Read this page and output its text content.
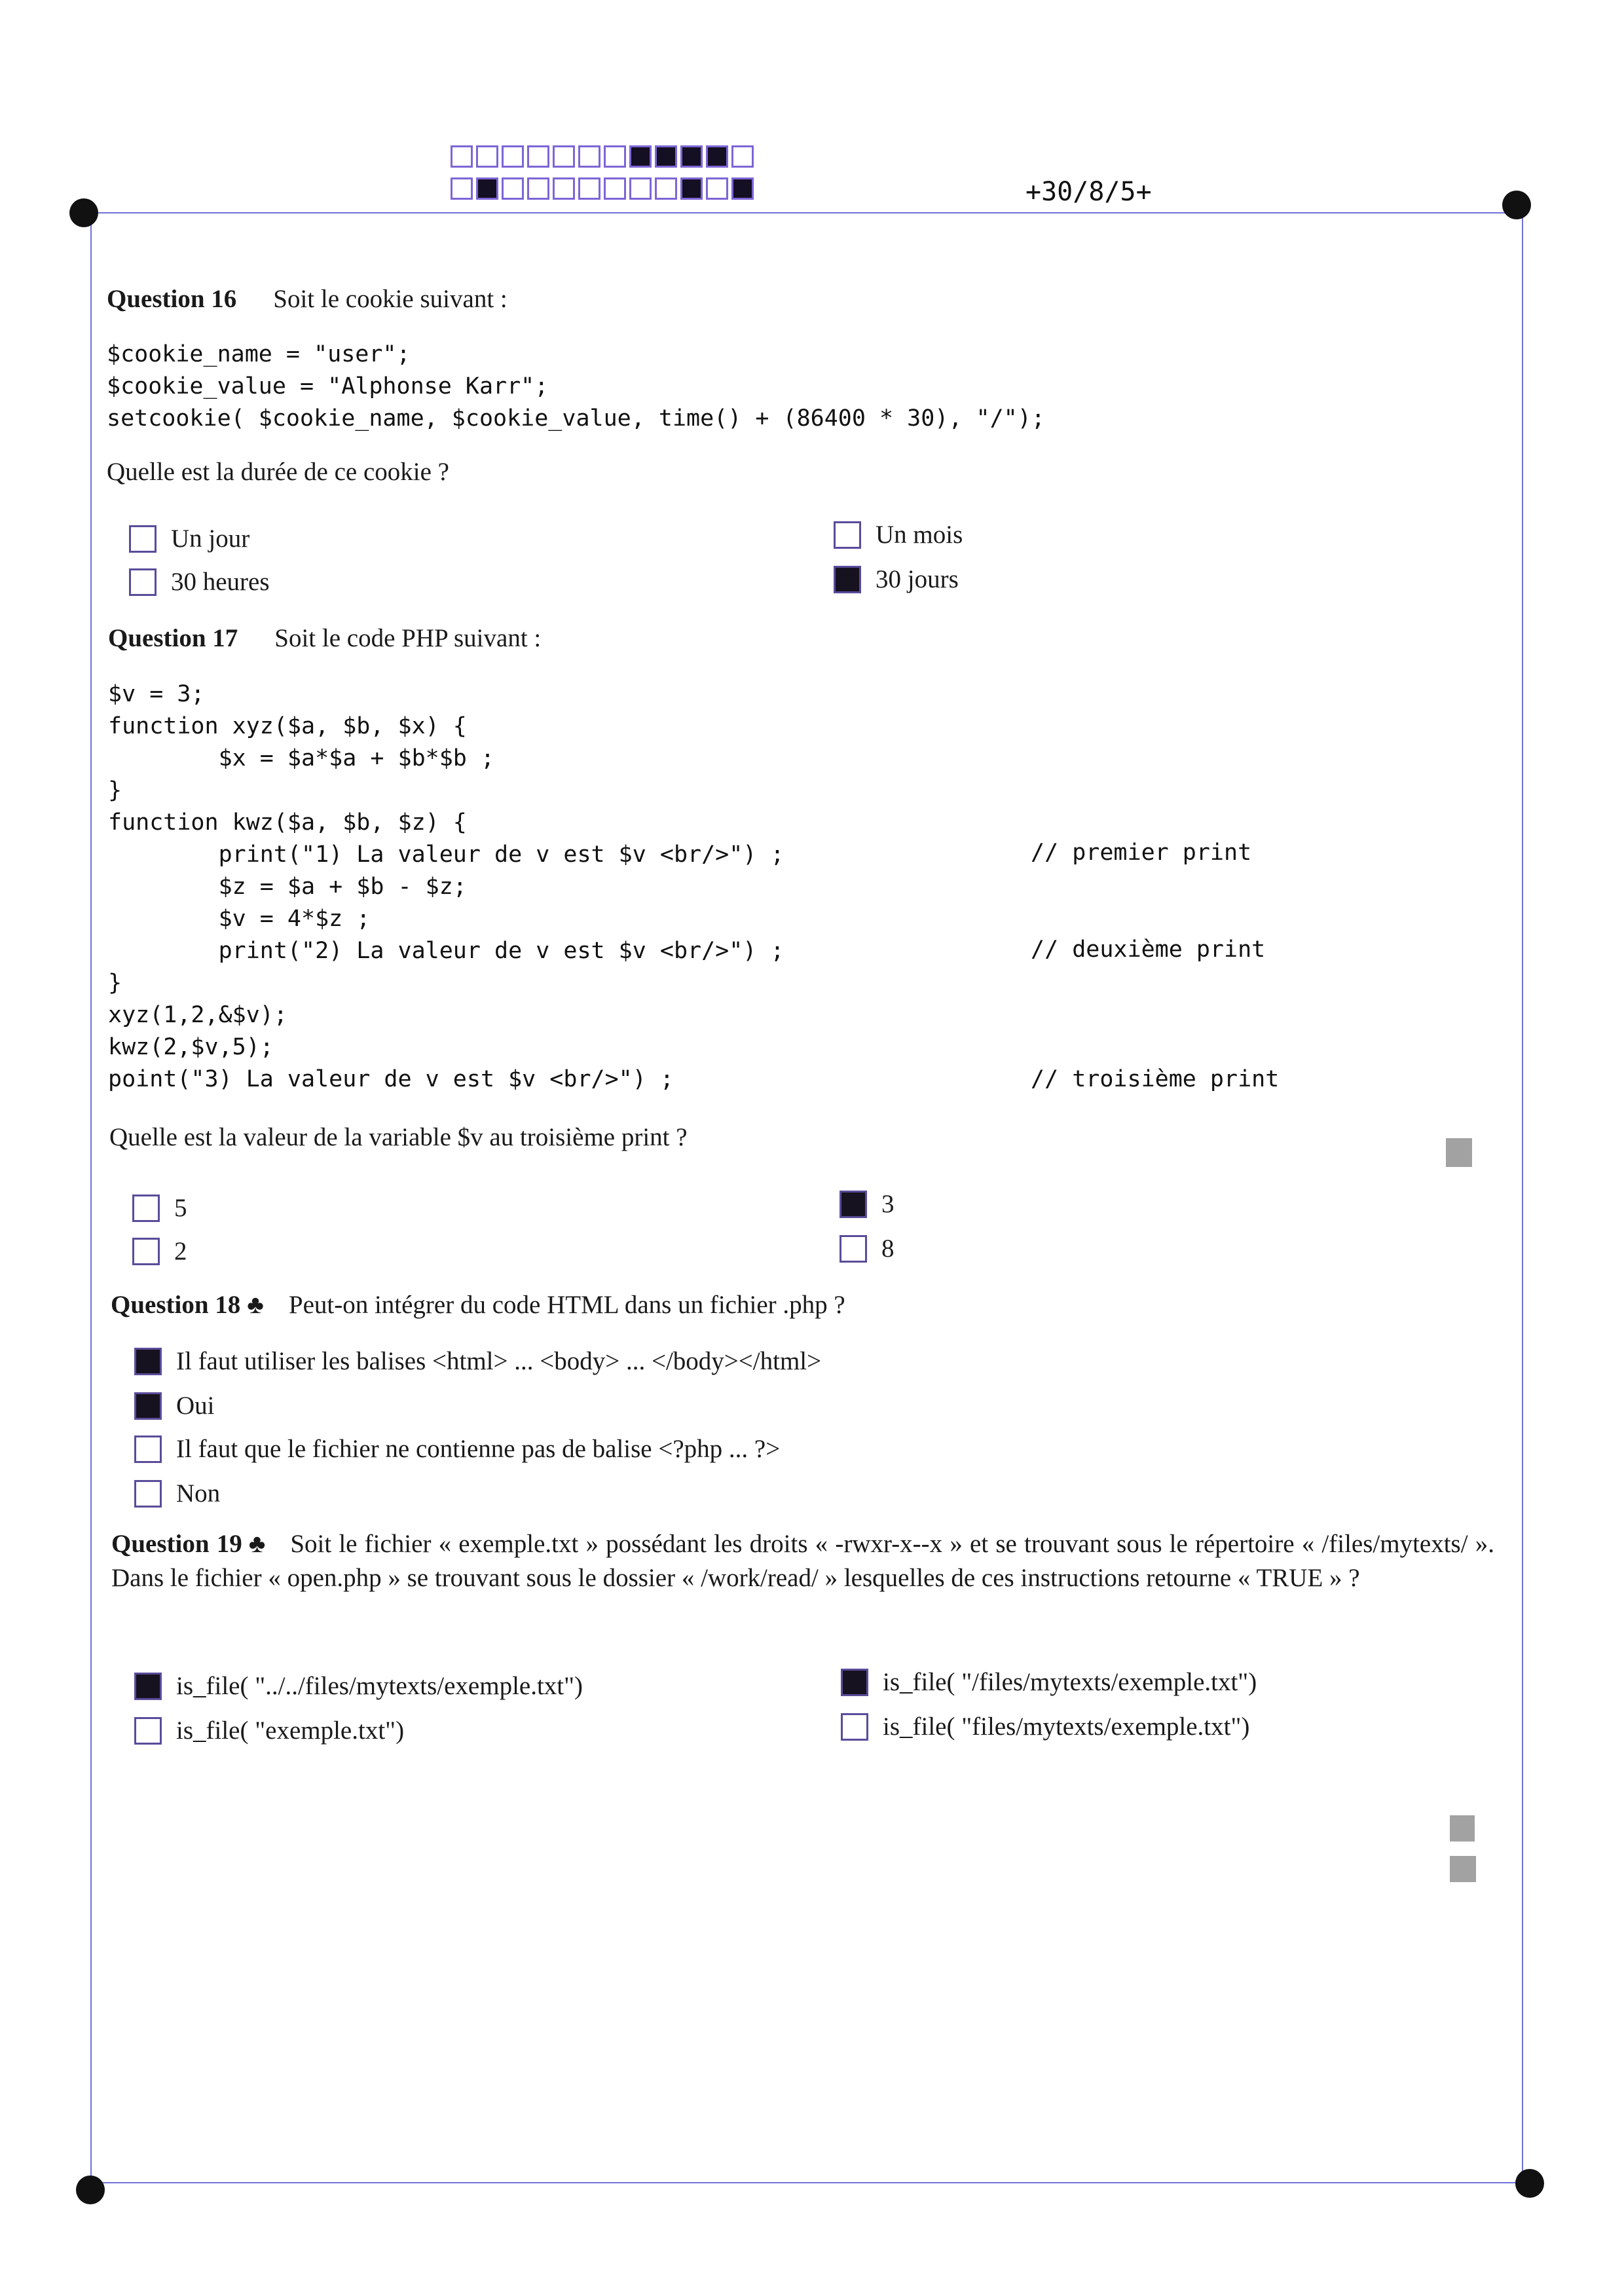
+30/8/5+
Question 16 Soit le cookie suivant :
$cookie_name = "user";
$cookie_value = "Alphonse Karr";
setcookie( $cookie_name, $cookie_value, time() + (86400 * 30), "/");
Quelle est la durée de ce cookie ?
Un jour
30 heures
Un mois
30 jours
Question 17 Soit le code PHP suivant :
$v = 3;
function xyz($a, $b, $x) {
$x = $a*$a + $b*$b ;
}
function kwz($a, $b, $z) {
print("1) La valeur de v est $v <br/>") ;
$z = $a + $b - $z;
$v = 4*$z ;
print("2) La valeur de v est $v <br/>") ;
}
xyz(1,2,&$v);
kwz(2,$v,5);
point("3) La valeur de v est $v <br/>") ;
// premier print
// deuxième print
// troisième print
Quelle est la valeur de la variable $v au troisième print ?
5
2
3
8
Question 18 ♣ Peut-on intégrer du code HTML dans un fichier .php ?
Il faut utiliser les balises <html> ... <body> ... </body></html>
Oui
Il faut que le fichier ne contienne pas de balise <?php ... ?>
Non
Question 19 ♣ Soit le fichier « exemple.txt » possédant les droits « -rwxr-x--x » et se trouvant sous le répertoire « /files/mytexts/ ». Dans le fichier « open.php » se trouvant sous le dossier « /work/read/ » lesquelles de ces instructions retourne « TRUE » ?
is_file( "../../files/mytexts/exemple.txt")
is_file( "exemple.txt")
is_file( "/files/mytexts/exemple.txt")
is_file( "files/mytexts/exemple.txt")
